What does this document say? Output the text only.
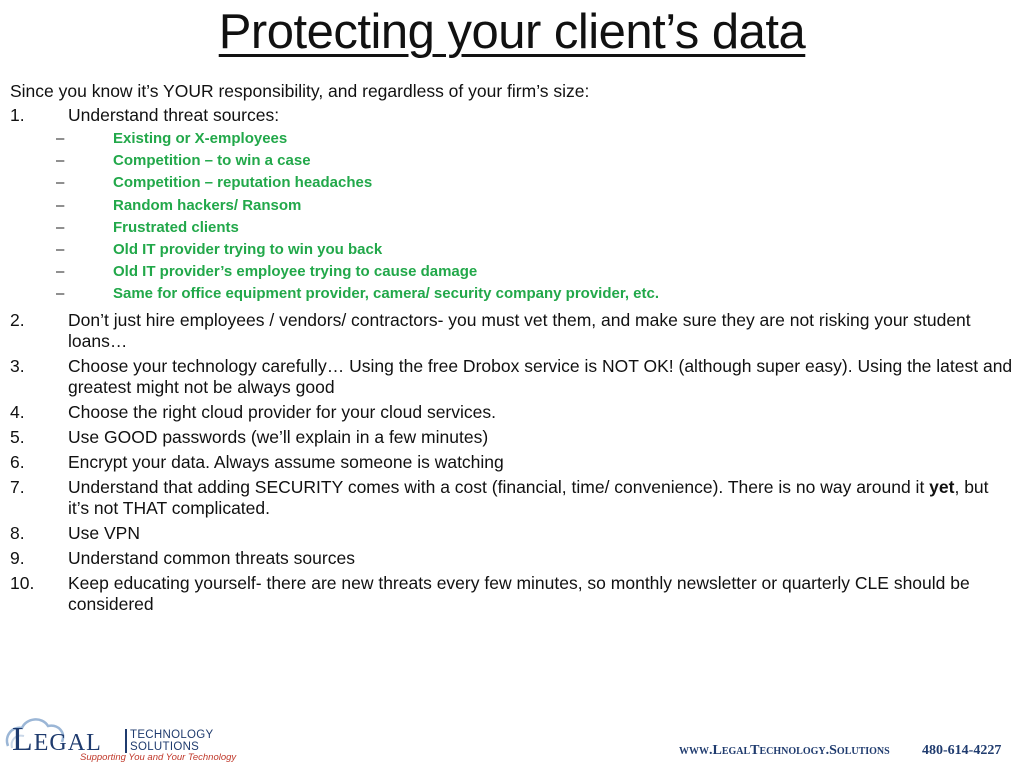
Protecting your client’s data
Since you know it’s YOUR responsibility, and regardless of your firm’s size:
1.	Understand threat sources:
–	Existing or X-employees
–	Competition – to win a case
–	Competition – reputation headaches
–	Random hackers/ Ransom
–	Frustrated clients
–	Old IT provider trying to win you back
–	Old IT provider’s employee trying to cause damage
–	Same for office equipment provider, camera/ security company provider, etc.
2.	Don’t just hire employees / vendors/ contractors- you must vet them, and make sure they are not risking your student loans…
3.	Choose your technology carefully… Using the free Drobox service is NOT OK! (although super easy). Using the latest and greatest might not be always good
4.	Choose the right cloud provider for your cloud services.
5.	Use GOOD passwords (we’ll explain in a few minutes)
6.	Encrypt your data. Always assume someone is watching
7.	Understand that adding SECURITY comes with a cost (financial, time/ convenience). There is no way around it yet, but it’s not THAT complicated.
8.	Use VPN
9.	Understand common threats sources
10.	Keep educating yourself- there are new threats every few minutes, so monthly newsletter or quarterly CLE should be considered
Legal TECHNOLOGY
SOLUTIONS
Supporting You and Your Technology	www.LegalTechnology.Solutions 480-614-4227
